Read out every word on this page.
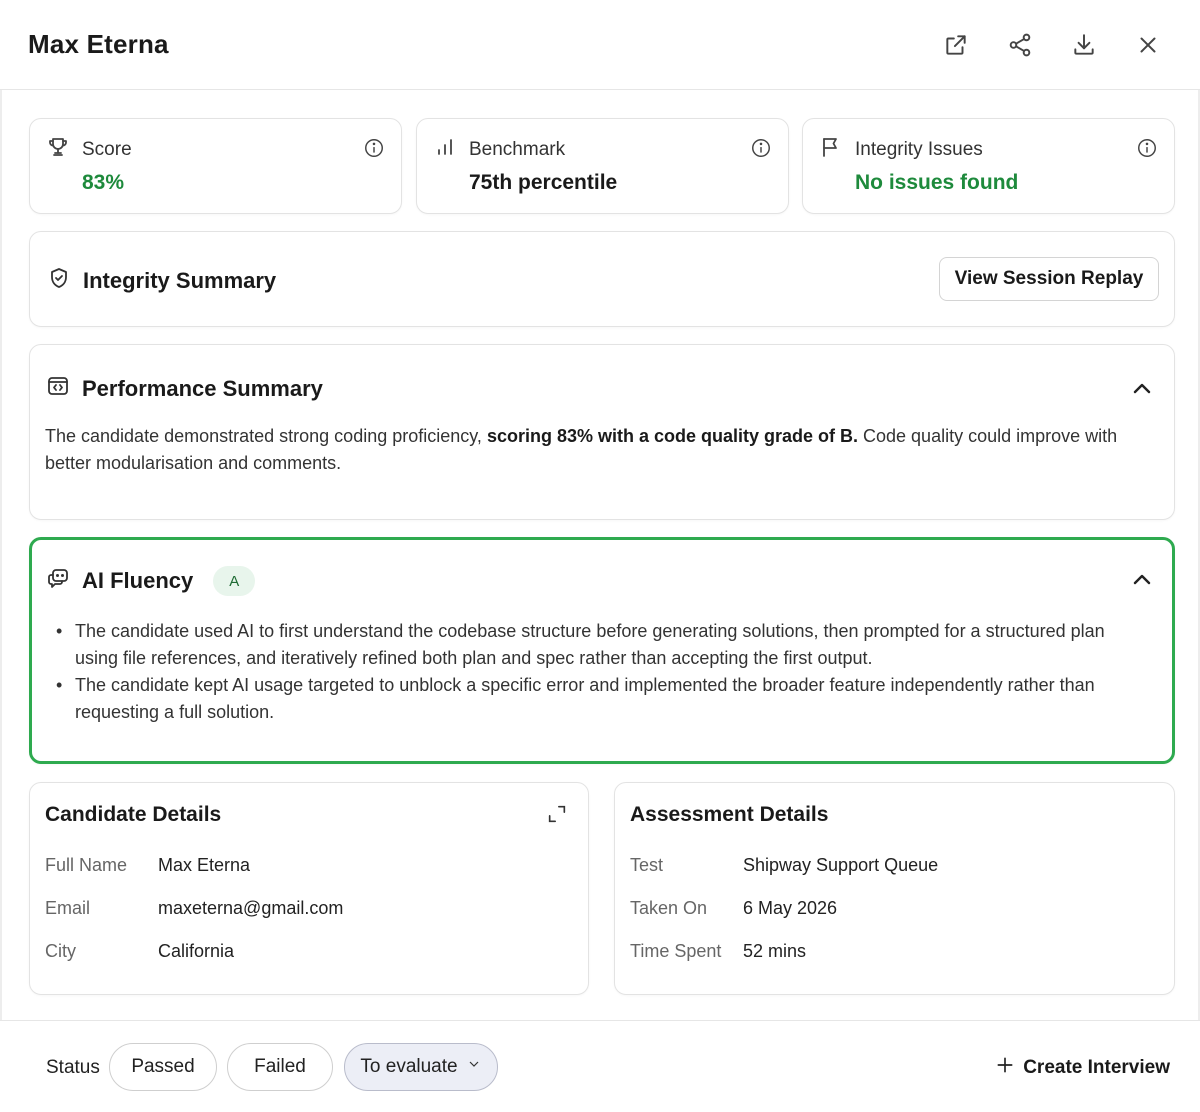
Max Eterna
Score
83%
Benchmark
75th percentile
Integrity Issues
No issues found
Integrity Summary	View Session Replay
Performance Summary

The candidate demonstrated strong coding proficiency, scoring 83% with a code quality grade of B. Code quality could improve with better modularisation and comments.

AI Fluency	A
• The candidate used AI to first understand the codebase structure before generating solutions, then prompted for a structured plan using file references, and iteratively refined both plan and spec rather than accepting the first output.
• The candidate kept AI usage targeted to unblock a specific error and implemented the broader feature independently rather than requesting a full solution.
Candidate Details
Full Name	Max Eterna
Email	maxeterna@gmail.com
City	California
Assessment Details
Test	Shipway Support Queue
Taken On	6 May 2026
Time Spent	52 mins
Status	Passed	Failed	To evaluate	Create Interview
